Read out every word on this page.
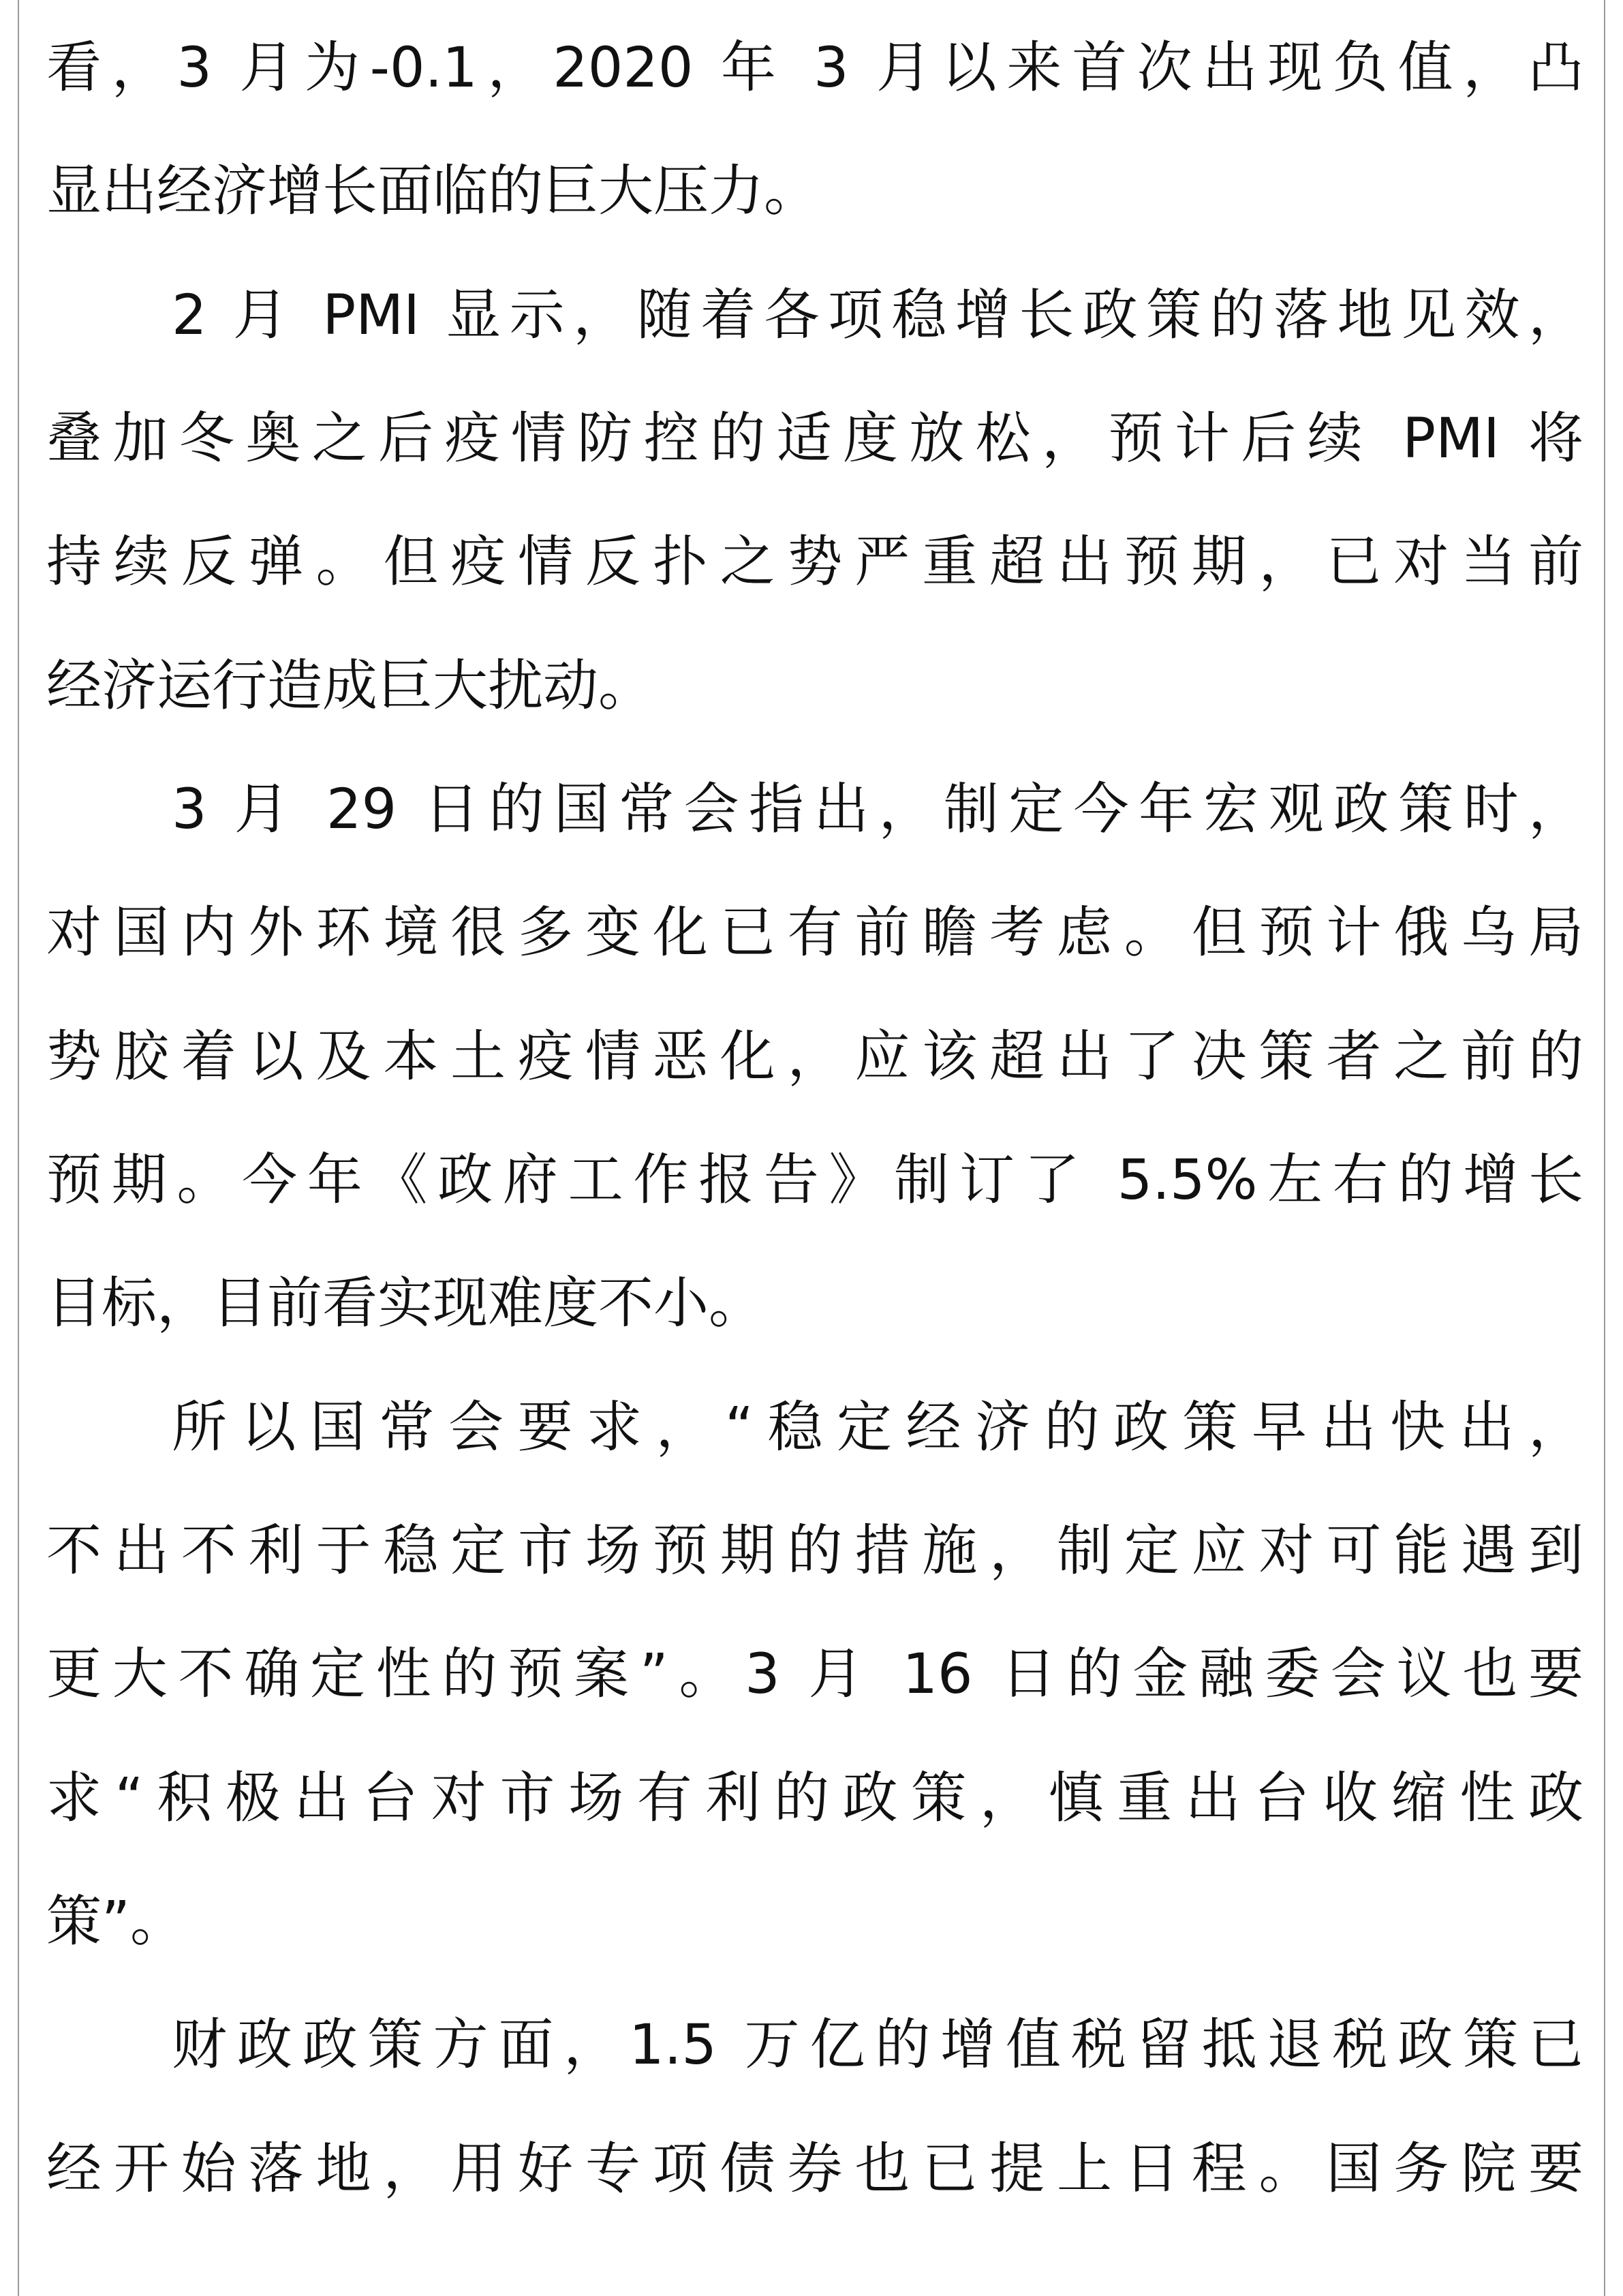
看，3 月为-0.1，2020 年 3 月以来首次出现负值，凸
显出经济增长面临的巨大压力。
2 月 PMI 显示，随着各项稳增长政策的落地见效，
叠加冬奥之后疫情防控的适度放松，预计后续 PMI 将
持续反弹。但疫情反扑之势严重超出预期，已对当前
经济运行造成巨大扰动。
3 月 29 日的国常会指出，制定今年宏观政策时，
对国内外环境很多变化已有前瞻考虑。但预计俄乌局
势胶着以及本土疫情恶化，应该超出了决策者之前的
预期。今年《政府工作报告》制订了 5.5%左右的增长
目标，目前看实现难度不小。
所以国常会要求，“稳定经济的政策早出快出，
不出不利于稳定市场预期的措施，制定应对可能遇到
更大不确定性的预案”。3 月 16 日的金融委会议也要
求“积极出台对市场有利的政策，慎重出台收缩性政
策”。
财政政策方面，1.5 万亿的增值税留抵退税政策已
经开始落地，用好专项债券也已提上日程。国务院要
